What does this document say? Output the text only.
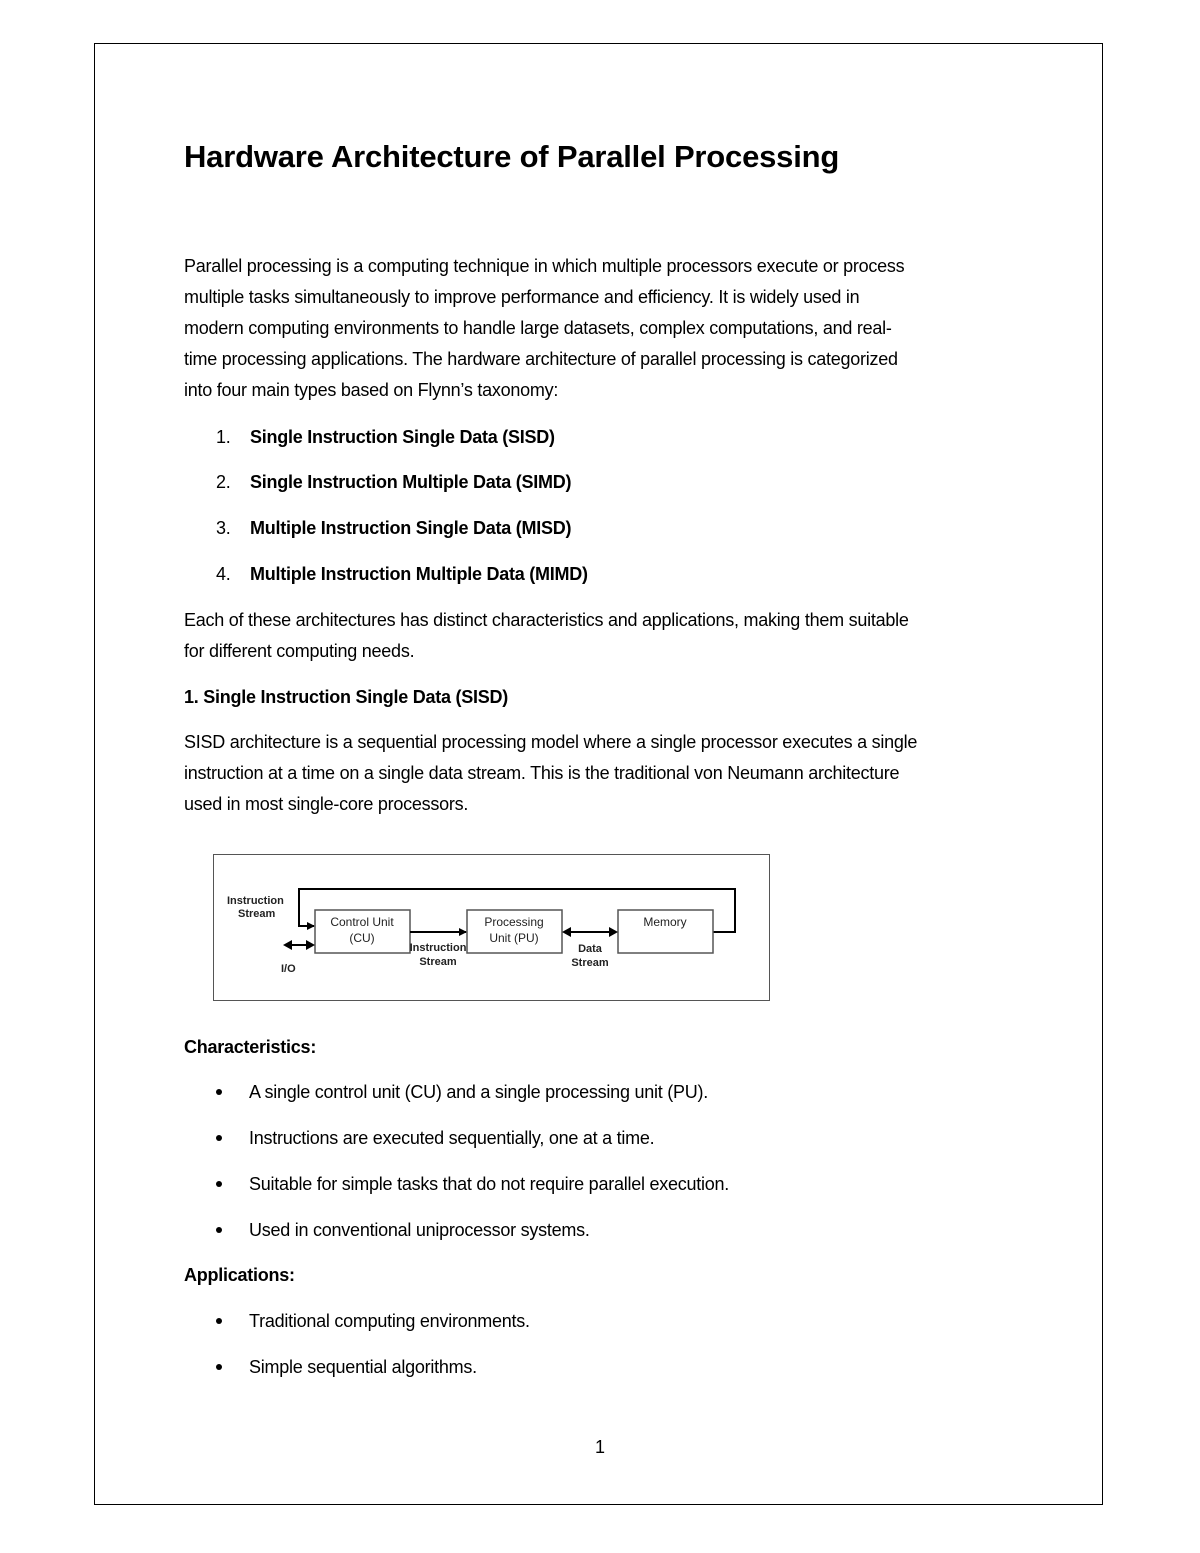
Hardware Architecture of Parallel Processing
Parallel processing is a computing technique in which multiple processors execute or process
multiple tasks simultaneously to improve performance and efficiency. It is widely used in
modern computing environments to handle large datasets, complex computations, and real-
time processing applications. The hardware architecture of parallel processing is categorized
into four main types based on Flynn’s taxonomy:
1. Single Instruction Single Data (SISD)
2. Single Instruction Multiple Data (SIMD)
3. Multiple Instruction Single Data (MISD)
4. Multiple Instruction Multiple Data (MIMD)
Each of these architectures has distinct characteristics and applications, making them suitable
for different computing needs.
1. Single Instruction Single Data (SISD)
SISD architecture is a sequential processing model where a single processor executes a single
instruction at a time on a single data stream. This is the traditional von Neumann architecture
used in most single-core processors.
Instruction
Stream
Control Unit
(CU)
Processing
Unit (PU)
Memory
I/O
Instruction
Stream
Data
Stream
Characteristics:
A single control unit (CU) and a single processing unit (PU).
Instructions are executed sequentially, one at a time.
Suitable for simple tasks that do not require parallel execution.
Used in conventional uniprocessor systems.
Applications:
Traditional computing environments.
Simple sequential algorithms.
1
